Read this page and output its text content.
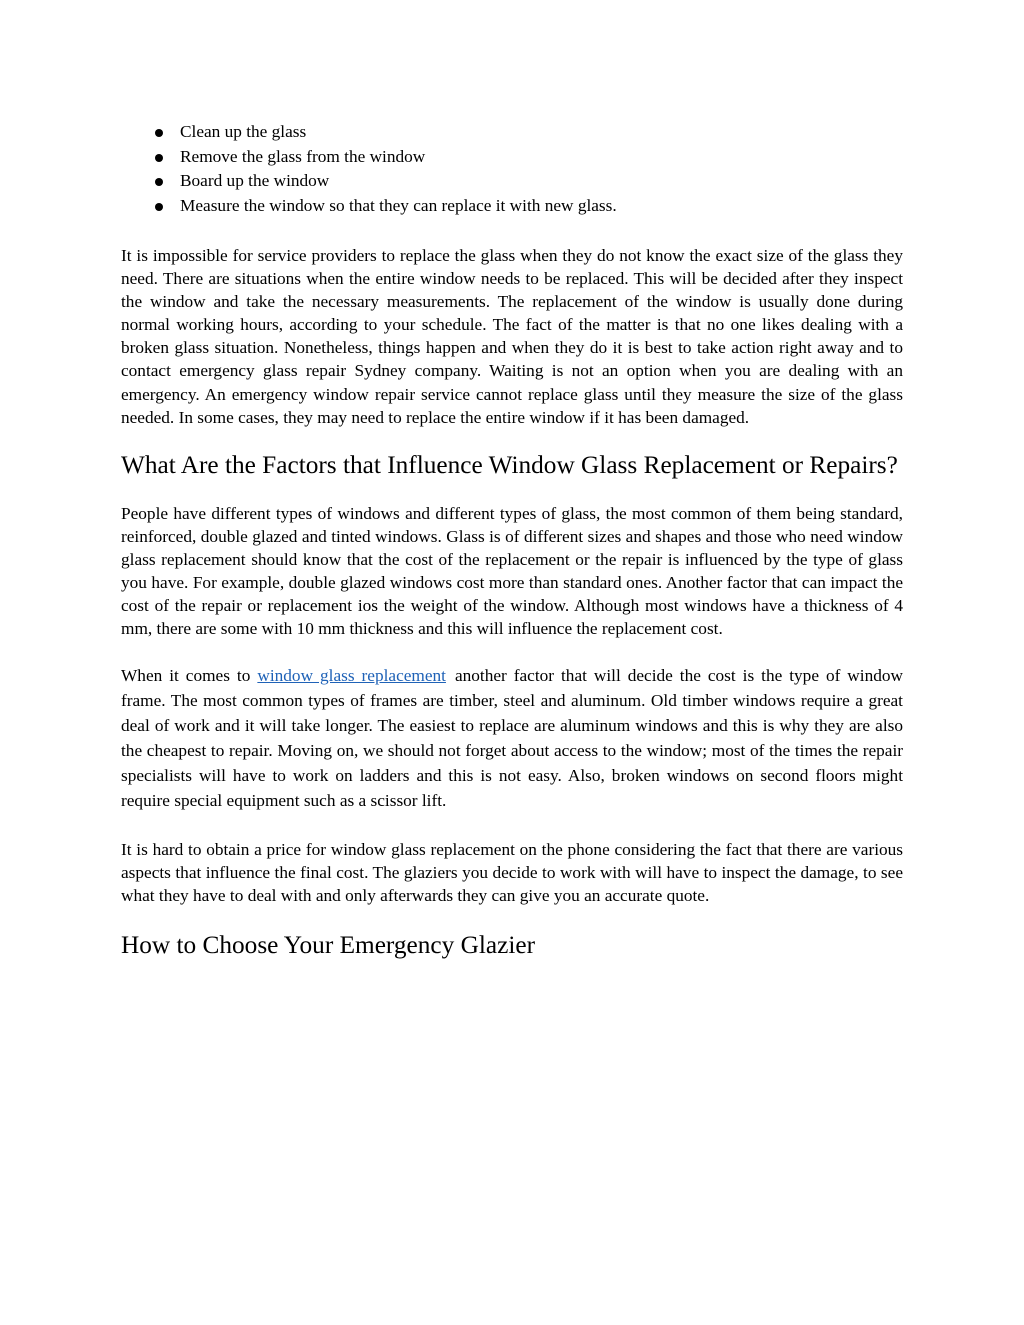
Clean up the glass
Remove the glass from the window
Board up the window
Measure the window so that they can replace it with new glass.

It is impossible for service providers to replace the glass when they do not know the exact size of the glass they need. There are situations when the entire window needs to be replaced. This will be decided after they inspect the window and take the necessary measurements. The replacement of the window is usually done during normal working hours, according to your schedule. The fact of the matter is that no one likes dealing with a broken glass situation. Nonetheless, things happen and when they do it is best to take action right away and to contact emergency glass repair Sydney company. Waiting is not an option when you are dealing with an emergency. An emergency window repair service cannot replace glass until they measure the size of the glass needed. In some cases, they may need to replace the entire window if it has been damaged.

What Are the Factors that Influence Window Glass Replacement or Repairs?

People have different types of windows and different types of glass, the most common of them being standard, reinforced, double glazed and tinted windows. Glass is of different sizes and shapes and those who need window glass replacement should know that the cost of the replacement or the repair is influenced by the type of glass you have. For example, double glazed windows cost more than standard ones. Another factor that can impact the cost of the repair or replacement ios the weight of the window. Although most windows have a thickness of 4 mm, there are some with 10 mm thickness and this will influence the replacement cost.

When it comes to window glass replacement another factor that will decide the cost is the type of window frame. The most common types of frames are timber, steel and aluminum. Old timber windows require a great deal of work and it will take longer. The easiest to replace are aluminum windows and this is why they are also the cheapest to repair. Moving on, we should not forget about access to the window; most of the times the repair specialists will have to work on ladders and this is not easy. Also, broken windows on second floors might require special equipment such as a scissor lift.

It is hard to obtain a price for window glass replacement on the phone considering the fact that there are various aspects that influence the final cost. The glaziers you decide to work with will have to inspect the damage, to see what they have to deal with and only afterwards they can give you an accurate quote.

How to Choose Your Emergency Glazier
